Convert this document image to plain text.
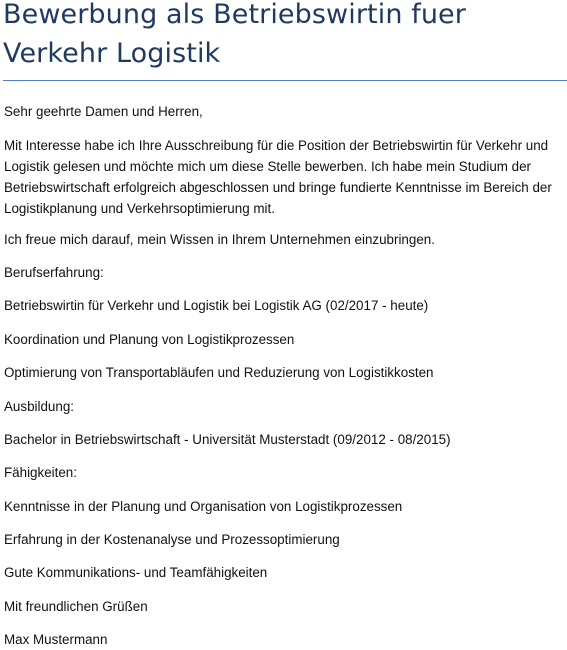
Bewerbung als Betriebswirtin fuer Verkehr Logistik

Sehr geehrte Damen und Herren,

Mit Interesse habe ich Ihre Ausschreibung für die Position der Betriebswirtin für Verkehr und Logistik gelesen und möchte mich um diese Stelle bewerben. Ich habe mein Studium der Betriebswirtschaft erfolgreich abgeschlossen und bringe fundierte Kenntnisse im Bereich der Logistikplanung und Verkehrsoptimierung mit.

Ich freue mich darauf, mein Wissen in Ihrem Unternehmen einzubringen.

Berufserfahrung:

Betriebswirtin für Verkehr und Logistik bei Logistik AG (02/2017 - heute)

Koordination und Planung von Logistikprozessen

Optimierung von Transportabläufen und Reduzierung von Logistikkosten

Ausbildung:

Bachelor in Betriebswirtschaft - Universität Musterstadt (09/2012 - 08/2015)

Fähigkeiten:

Kenntnisse in der Planung und Organisation von Logistikprozessen

Erfahrung in der Kostenanalyse und Prozessoptimierung

Gute Kommunikations- und Teamfähigkeiten

Mit freundlichen Grüßen

Max Mustermann
